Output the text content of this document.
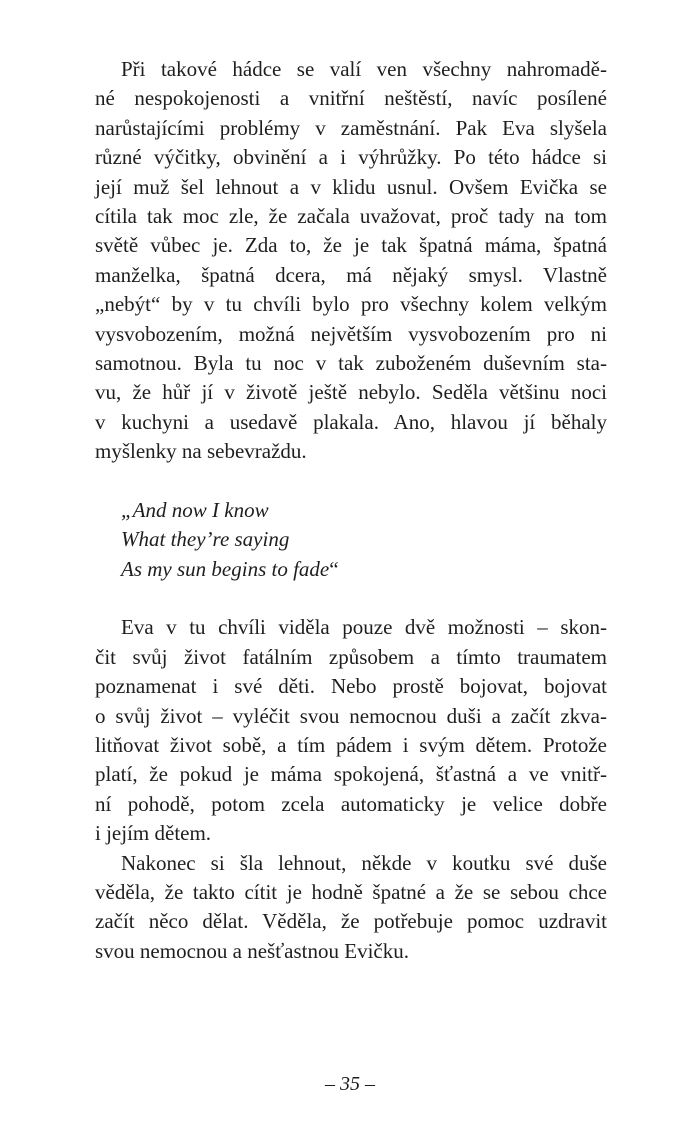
Při takové hádce se valí ven všechny nahromadě-
né nespokojenosti a vnitřní neštěstí, navíc posílené
narůstajícími problémy v zaměstnání. Pak Eva slyšela
různé výčitky, obvinění a i výhrůžky. Po této hádce si
její muž šel lehnout a v klidu usnul. Ovšem Evička se
cítila tak moc zle, že začala uvažovat, proč tady na tom
světě vůbec je. Zda to, že je tak špatná máma, špatná
manželka, špatná dcera, má nějaký smysl. Vlastně
„nebýt“ by v tu chvíli bylo pro všechny kolem velkým
vysvobozením, možná největším vysvobozením pro ni
samotnou. Byla tu noc v tak zuboženém duševním sta-
vu, že hůř jí v životě ještě nebylo. Seděla většinu noci
v kuchyni a usedavě plakala. Ano, hlavou jí běhaly
myšlenky na sebevraždu.
„And now I know
What they’re saying
As my sun begins to fade“
Eva v tu chvíli viděla pouze dvě možnosti – skon-
čit svůj život fatálním způsobem a tímto traumatem
poznamenat i své děti. Nebo prostě bojovat, bojovat
o svůj život – vyléčit svou nemocnou duši a začít zkva-
litňovat život sobě, a tím pádem i svým dětem. Protože
platí, že pokud je máma spokojená, šťastná a ve vnitř-
ní pohodě, potom zcela automaticky je velice dobře
i jejím dětem.
Nakonec si šla lehnout, někde v koutku své duše
věděla, že takto cítit je hodně špatné a že se sebou chce
začít něco dělat. Věděla, že potřebuje pomoc uzdravit
svou nemocnou a nešťastnou Evičku.
– 35 –
